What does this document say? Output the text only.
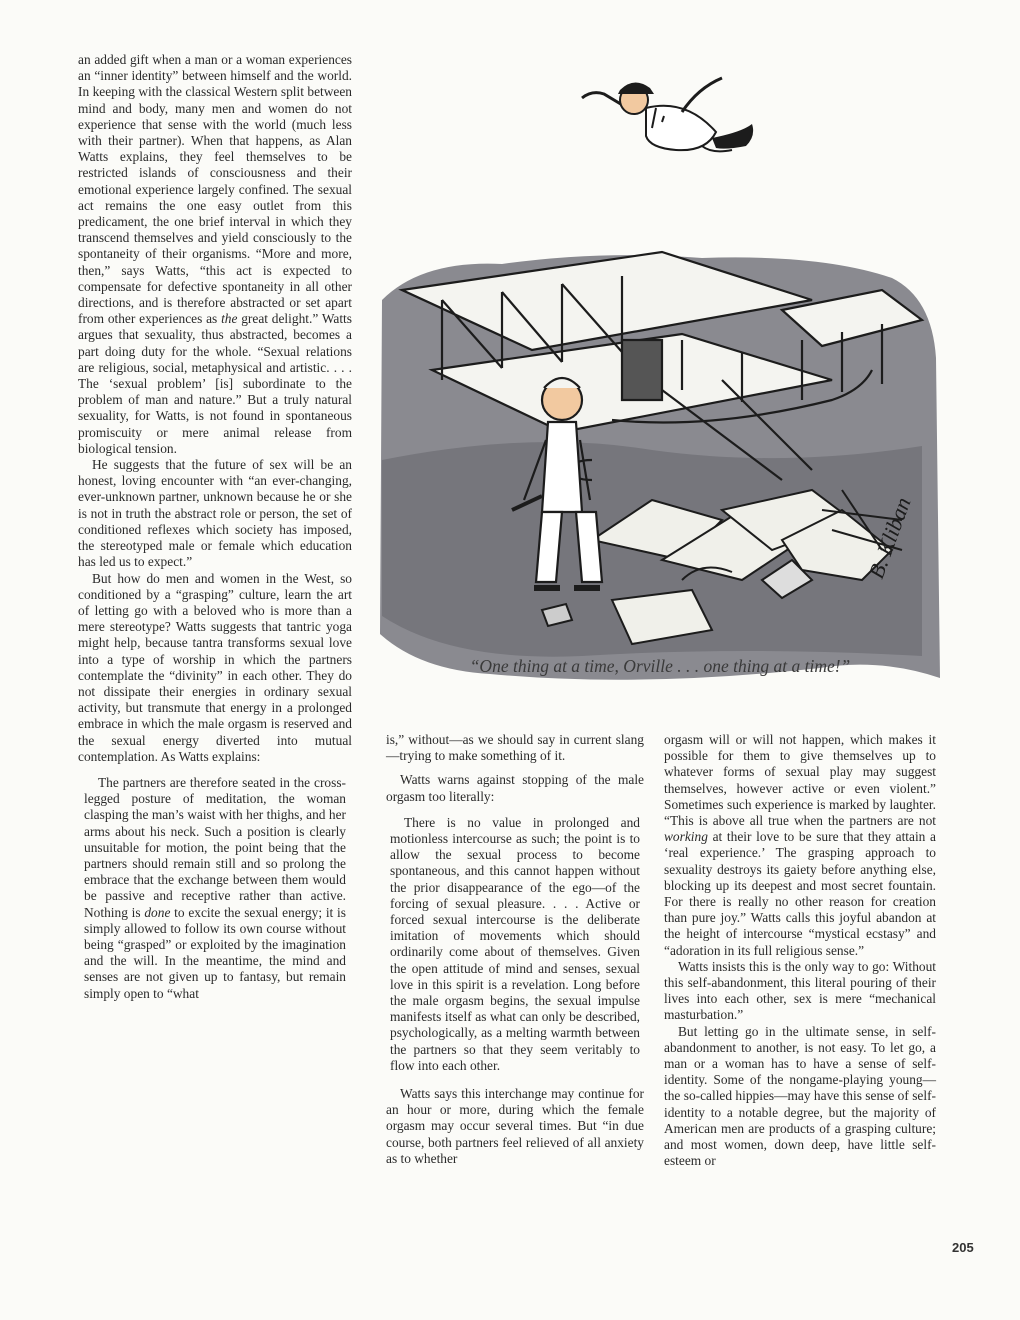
an added gift when a man or a woman experiences an “inner identity” between himself and the world. In keeping with the classical Western split between mind and body, many men and women do not experience that sense with the world (much less with their partner). When that happens, as Alan Watts explains, they feel themselves to be restricted islands of consciousness and their emotional experience largely confined. The sexual act remains the one easy outlet from this predicament, the one brief interval in which they transcend themselves and yield consciously to the spontaneity of their organisms. “More and more, then,” says Watts, “this act is expected to compensate for defective spontaneity in all other directions, and is therefore abstracted or set apart from other experiences as the great delight.” Watts argues that sexuality, thus abstracted, becomes a part doing duty for the whole. “Sexual relations are religious, social, metaphysical and artistic. . . . The ‘sexual problem’ [is] subordinate to the problem of man and nature.” But a truly natural sexuality, for Watts, is not found in spontaneous promiscuity or mere animal release from biological tension.

He suggests that the future of sex will be an honest, loving encounter with “an ever-changing, ever-unknown partner, unknown because he or she is not in truth the abstract role or person, the set of conditioned reflexes which society has imposed, the stereotyped male or female which education has led us to expect.”

But how do men and women in the West, so conditioned by a “grasping” culture, learn the art of letting go with a beloved who is more than a mere stereotype? Watts suggests that tantric yoga might help, because tantra transforms sexual love into a type of worship in which the partners contemplate the “divinity” in each other. They do not dissipate their energies in ordinary sexual activity, but transmute that energy in a prolonged embrace in which the male orgasm is reserved and the sexual energy diverted into mutual contemplation. As Watts explains:

The partners are therefore seated in the cross-legged posture of meditation, the woman clasping the man’s waist with her thighs, and her arms about his neck. Such a position is clearly unsuitable for motion, the point being that the partners should remain still and so prolong the embrace that the exchange between them would be passive and receptive rather than active. Nothing is done to excite the sexual energy; it is simply allowed to follow its own course without being “grasped” or exploited by the imagination and the will. In the meantime, the mind and senses are not given up to fantasy, but remain simply open to “what

B. Kliban
“One thing at a time, Orville . . . one thing at a time!”

is,” without—as we should say in current slang—trying to make something of it.

Watts warns against stopping of the male orgasm too literally:

There is no value in prolonged and motionless intercourse as such; the point is to allow the sexual process to become spontaneous, and this cannot happen without the prior disappearance of the ego—of the forcing of sexual pleasure. . . . Active or forced sexual intercourse is the deliberate imitation of movements which should ordinarily come about of themselves. Given the open attitude of mind and senses, sexual love in this spirit is a revelation. Long before the male orgasm begins, the sexual impulse manifests itself as what can only be described, psychologically, as a melting warmth between the partners so that they seem veritably to flow into each other.

Watts says this interchange may continue for an hour or more, during which the female orgasm may occur several times. But “in due course, both partners feel relieved of all anxiety as to whether

orgasm will or will not happen, which makes it possible for them to give themselves up to whatever forms of sexual play may suggest themselves, however active or even violent.” Sometimes such experience is marked by laughter. “This is above all true when the partners are not working at their love to be sure that they attain a ‘real experience.’ The grasping approach to sexuality destroys its gaiety before anything else, blocking up its deepest and most secret fountain. For there is really no other reason for creation than pure joy.” Watts calls this joyful abandon at the height of intercourse “mystical ecstasy” and “adoration in its full religious sense.”

Watts insists this is the only way to go: Without this self-abandonment, this literal pouring of their lives into each other, sex is mere “mechanical masturbation.”

But letting go in the ultimate sense, in self-abandonment to another, is not easy. To let go, a man or a woman has to have a sense of self-identity. Some of the nongame-playing young—the so-called hippies—may have this sense of self-identity to a notable degree, but the majority of American men are products of a grasping culture; and most women, down deep, have little self-esteem or

205
